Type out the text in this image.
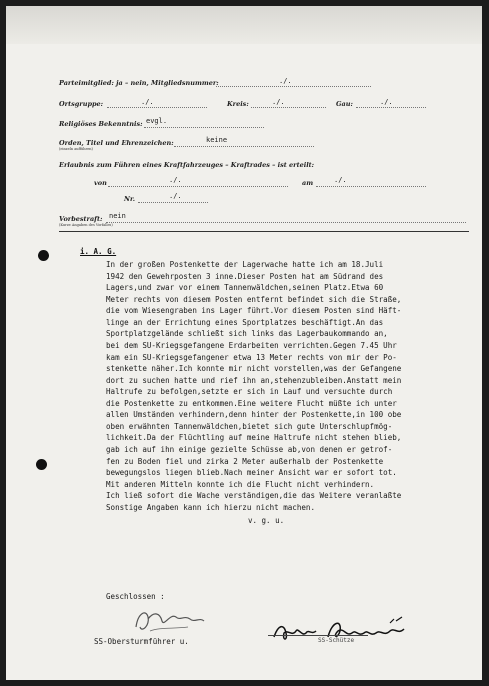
Parteimitglied: ja – nein, Mitgliedsnummer:	./.
Ortsgruppe:	./.	Kreis:	./.	Gau:	./.
Religiöses Bekenntnis: evgl.
Orden, Titel und Ehrenzeichen:
(einzeln aufführen)
keine
Erlaubnis zum Führen eines Kraftfahrzeuges – Kraftrades – ist erteilt:
von	./.	am	./.
Nr.	./.
Vorbestraft:
(Kurze Angaben des Vorfalles)
nein
i. A. G.
In der großen Postenkette der Lagerwache hatte ich am 18.Juli
1942 den Gewehrposten 3 inne.Dieser Posten hat am Südrand des
Lagers,und zwar vor einem Tannenwäldchen,seinen Platz.Etwa 60
Meter rechts von diesem Posten entfernt befindet sich die Straße,
die vom Wiesengraben ins Lager führt.Vor diesem Posten sind Häft-
linge an der Errichtung eines Sportplatzes beschäftigt.An das
Sportplatzgelände schließt sich links das Lagerbaukommando an,
bei dem SU-Kriegsgefangene Erdarbeiten verrichten.Gegen 7.45 Uhr
kam ein SU-Kriegsgefangener etwa 13 Meter rechts von mir der Po-
stenkette näher.Ich konnte mir nicht vorstellen,was der Gefangene
dort zu suchen hatte und rief ihn an,stehenzubleiben.Anstatt mein
Haltrufe zu befolgen,setzte er sich in Lauf und versuchte durch
die Postenkette zu entkommen.Eine weitere Flucht müßte ich unter
allen Umständen verhindern,denn hinter der Postenkette,in 100 obe
oben erwähnten Tannenwäldchen,bietet sich gute Unterschlupfmög-
lichkeit.Da der Flüchtling auf meine Haltrufe nicht stehen blieb,
gab ich auf ihn einige gezielte Schüsse ab,von denen er getrof-
fen zu Boden fiel und zirka 2 Meter außerhalb der Postenkette
bewegungslos liegen blieb.Nach meiner Ansicht war er sofort tot.
Mit anderen Mitteln konnte ich die Flucht nicht verhindern.
Ich ließ sofort die Wache verständigen,die das Weitere veranlaßte
Sonstige Angaben kann ich hierzu nicht machen.
v. g. u.
Geschlossen :
SS-Obersturmführer u.	SS-Schütze
